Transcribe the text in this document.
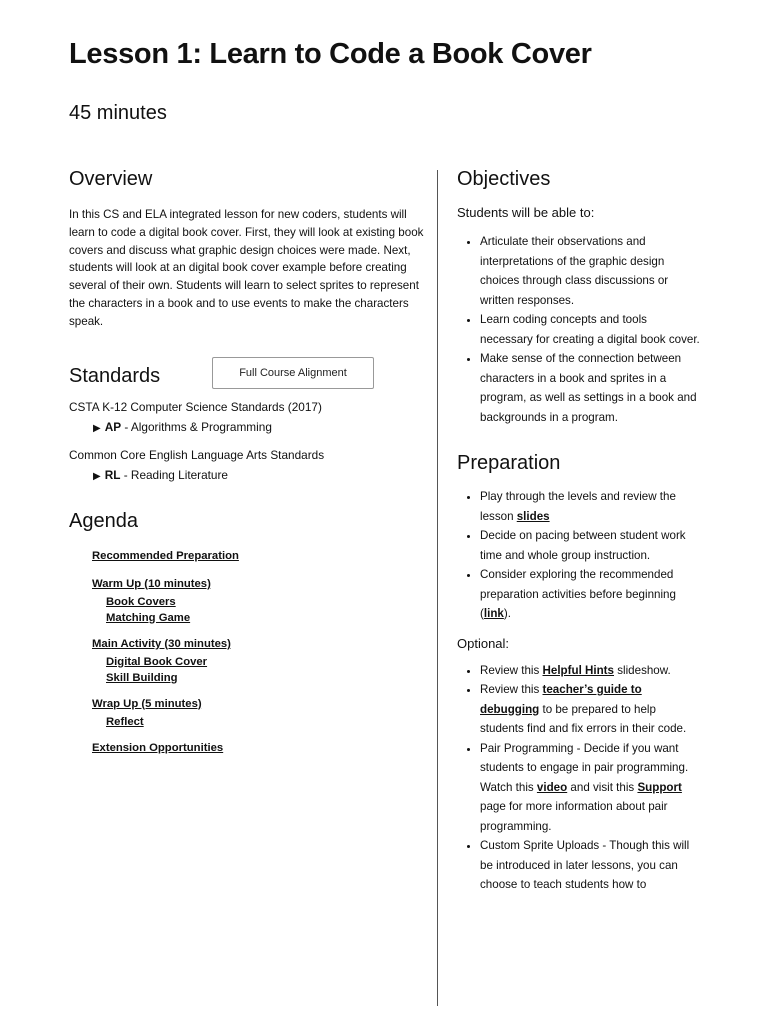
Lesson 1: Learn to Code a Book Cover
45 minutes
Overview

In this CS and ELA integrated lesson for new coders, students will learn to code a digital book cover. First, they will look at existing book covers and discuss what graphic design choices were made. Next, students will look at an digital book cover example before creating several of their own. Students will learn to select sprites to represent the characters in a book and to use events to make the characters speak.

Standards	Full Course Alignment

CSTA K-12 Computer Science Standards (2017)

▶ AP - Algorithms & Programming

Common Core English Language Arts Standards

▶ RL - Reading Literature
Agenda
Recommended Preparation
Warm Up (10 minutes)
Book Covers
Matching Game
Main Activity (30 minutes)
Digital Book Cover
Skill Building
Wrap Up (5 minutes)
Reflect
Extension Opportunities
Objectives

Students will be able to:

• Articulate their observations and interpretations of the graphic design choices through class discussions or written responses.
• Learn coding concepts and tools necessary for creating a digital book cover.
• Make sense of the connection between characters in a book and sprites in a program, as well as settings in a book and backgrounds in a program.
Preparation
• Play through the levels and review the lesson slides
• Decide on pacing between student work time and whole group instruction.
• Consider exploring the recommended preparation activities before beginning (link).

Optional:

• Review this Helpful Hints slideshow.
• Review this teacher’s guide to debugging to be prepared to help students find and fix errors in their code.
• Pair Programming - Decide if you want students to engage in pair programming. Watch this video and visit this Support page for more information about pair programming.
• Custom Sprite Uploads - Though this will be introduced in later lessons, you can choose to teach students how to
